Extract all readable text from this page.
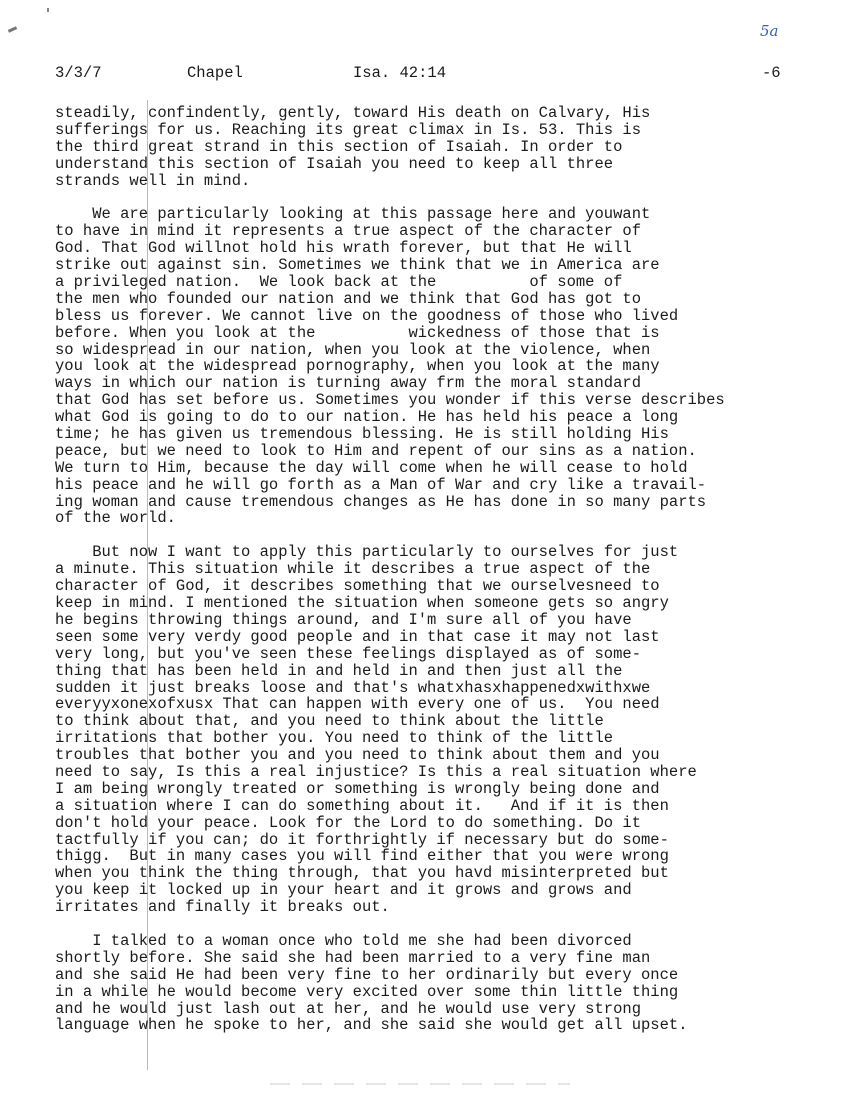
5a
3/3/7	Chapel	Isa. 42:14	-6
steadily, confindently, gently, toward His death on Calvary, His
sufferings for us. Reaching its great climax in Is. 53. This is
the third great strand in this section of Isaiah. In order to
understand this section of Isaiah you need to keep all three
strands well in mind.
We are particularly looking at this passage here and youwant
to have in mind it represents a true aspect of the character of
God. That God willnot hold his wrath forever, but that He will
strike out against sin. Sometimes we think that we in America are
a privileged nation.  We look back at the          of some of
the men who founded our nation and we think that God has got to
bless us forever. We cannot live on the goodness of those who lived
before. When you look at the          wickedness of those that is
so widespread in our nation, when you look at the violence, when
you look at the widespread pornography, when you look at the many
ways in which our nation is turning away frm the moral standard
that God has set before us. Sometimes you wonder if this verse describes
what God is going to do to our nation. He has held his peace a long
time; he has given us tremendous blessing. He is still holding His
peace, but we need to look to Him and repent of our sins as a nation.
We turn to Him, because the day will come when he will cease to hold
his peace and he will go forth as a Man of War and cry like a travail-
ing woman and cause tremendous changes as He has done in so many parts
of the world.
But now I want to apply this particularly to ourselves for just
a minute. This situation while it describes a true aspect of the
character of God, it describes something that we ourselvesneed to
keep in mind. I mentioned the situation when someone gets so angry
he begins throwing things around, and I'm sure all of you have
seen some very verdy good people and in that case it may not last
very long, but you've seen these feelings displayed as of some-
thing that has been held in and held in and then just all the
sudden it just breaks loose and that's whatxhasxhappenedxwithxwe
everyyxonexofxusx That can happen with every one of us.  You need
to think about that, and you need to think about the little
irritations that bother you. You need to think of the little
troubles that bother you and you need to think about them and you
need to say, Is this a real injustice? Is this a real situation where
I am being wrongly treated or something is wrongly being done and
a situation where I can do something about it.   And if it is then
don't hold your peace. Look for the Lord to do something. Do it
tactfully if you can; do it forthrightly if necessary but do some-
thigg.  But in many cases you will find either that you were wrong
when you think the thing through, that you havd misinterpreted but
you keep it locked up in your heart and it grows and grows and
irritates and finally it breaks out.
I talked to a woman once who told me she had been divorced
shortly before. She said she had been married to a very fine man
and she said He had been very fine to her ordinarily but every once
in a while he would become very excited over some thin little thing
and he would just lash out at her, and he would use very strong
language when he spoke to her, and she said she would get all upset.
